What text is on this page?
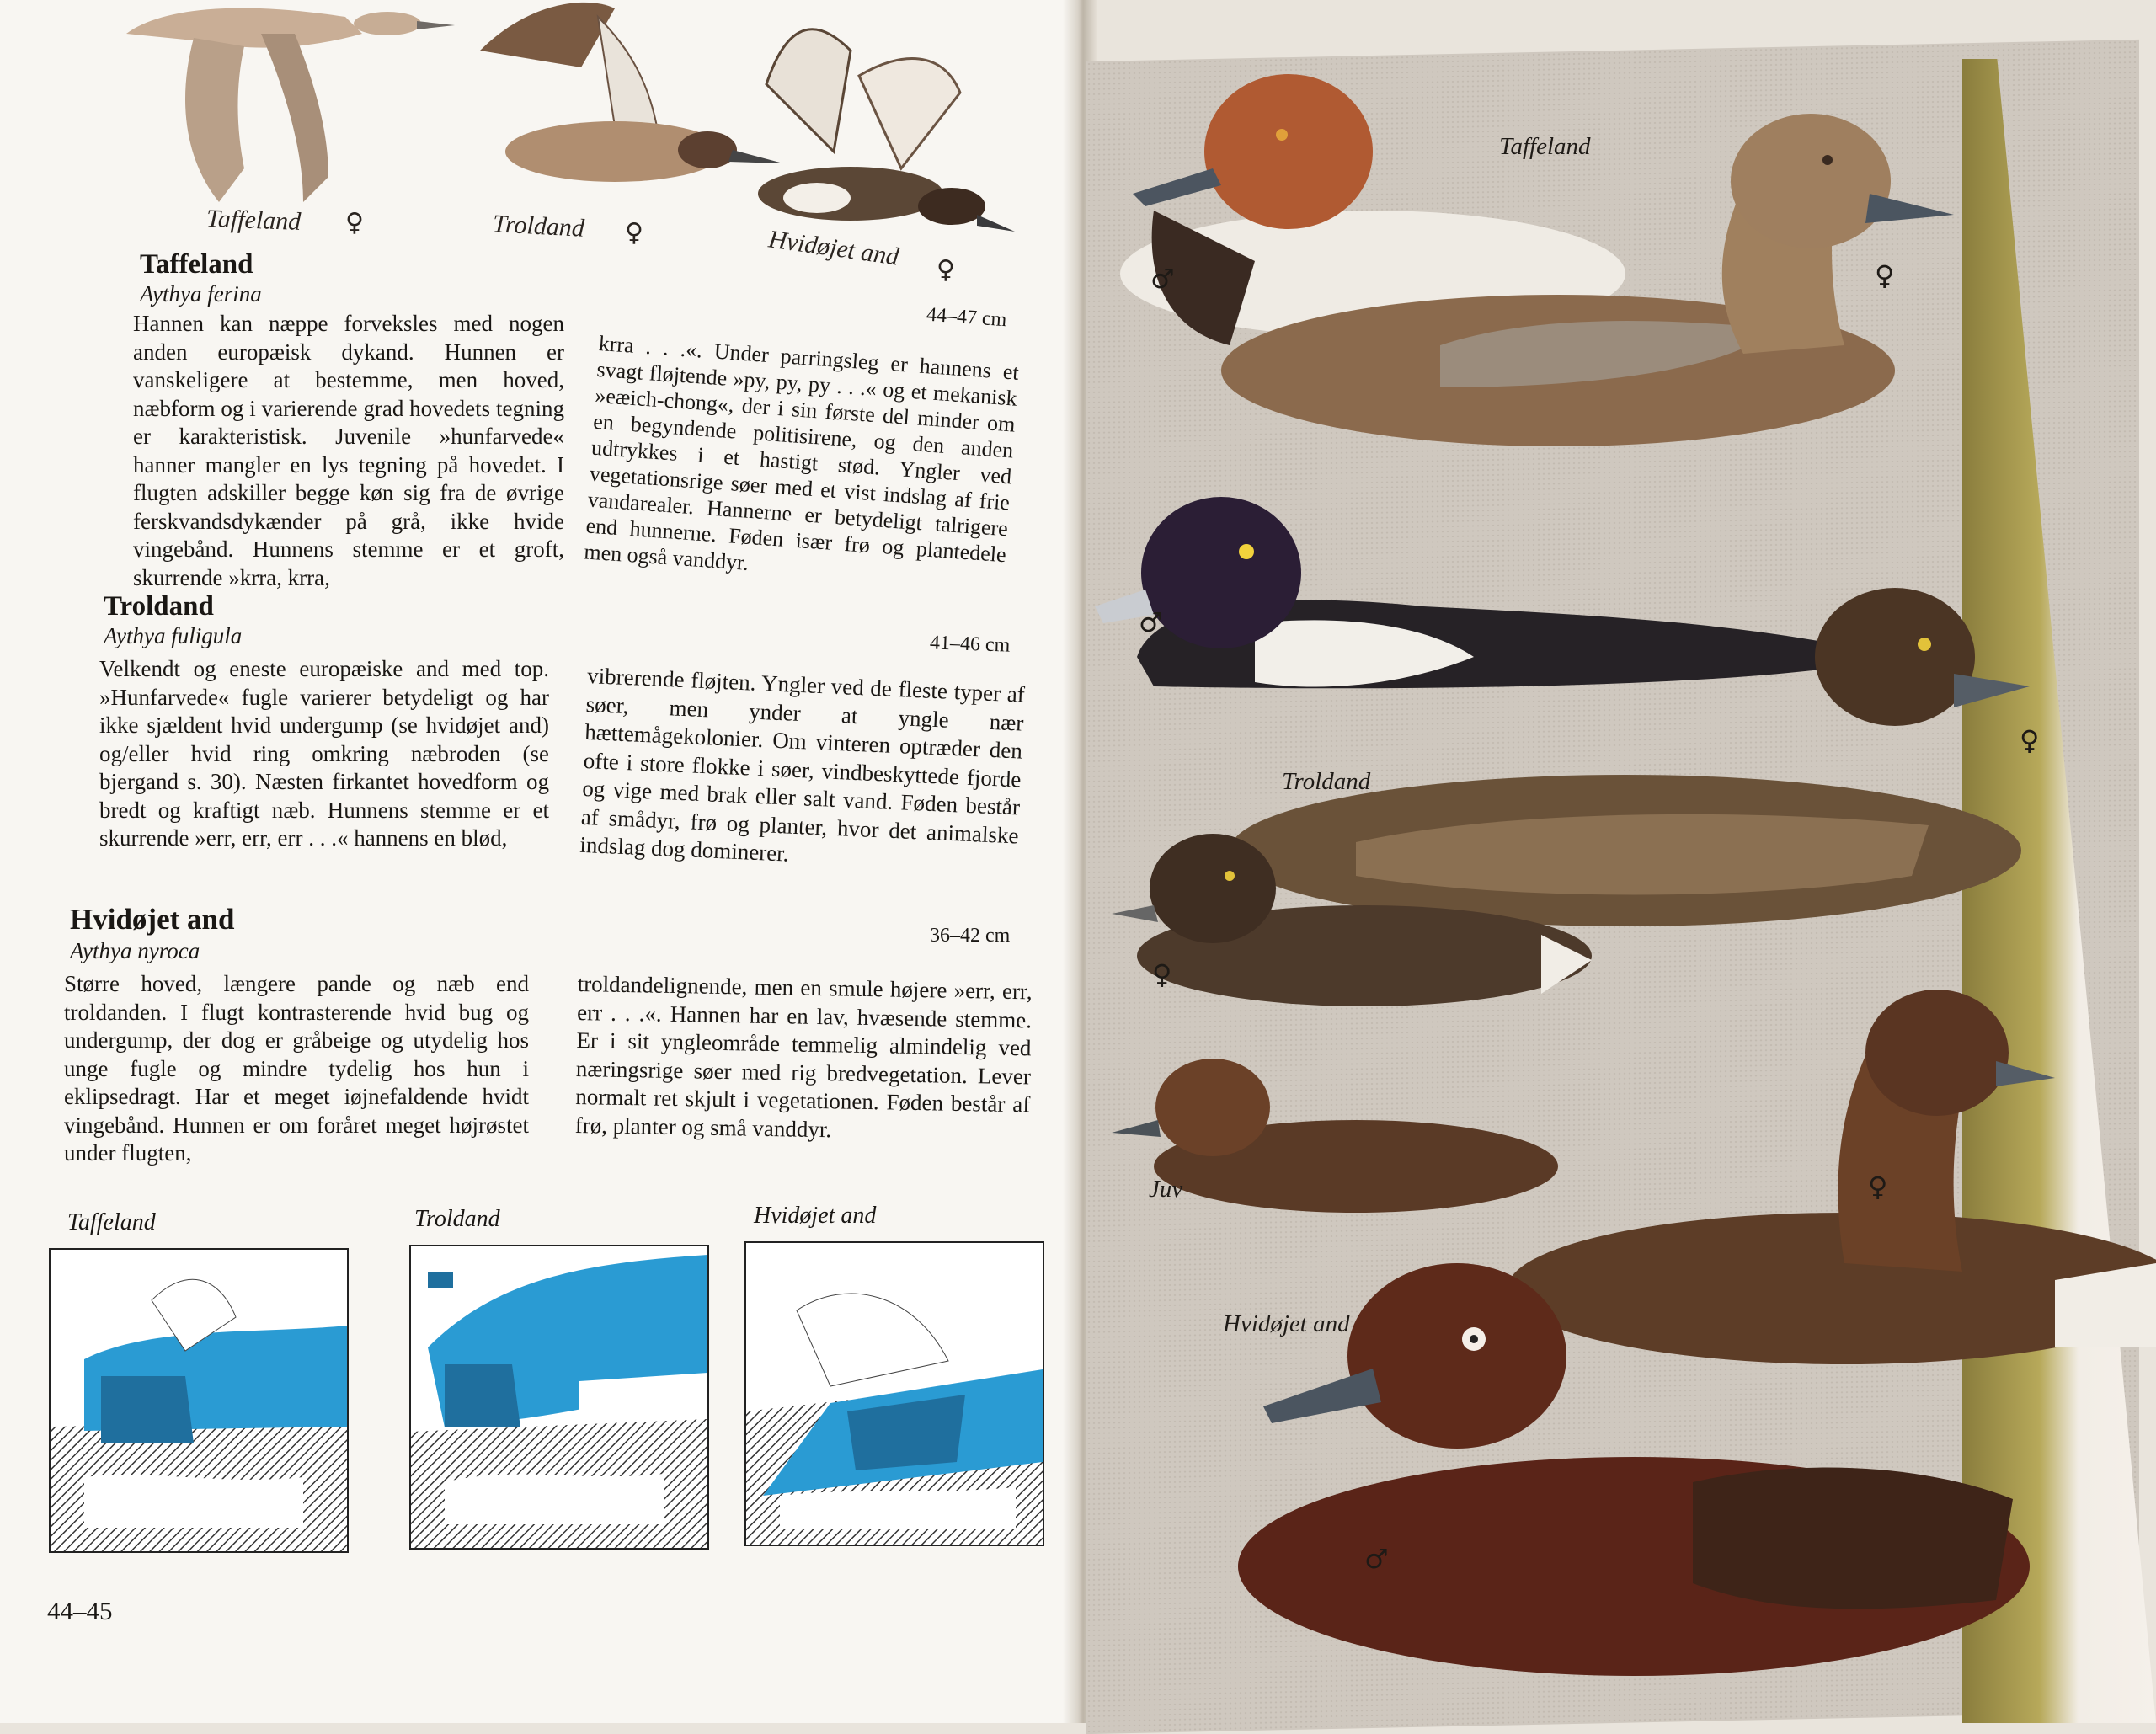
Taffeland ♀	Troldand ♀	Hvidøjet and ♀
Taffeland
Aythya ferina
44–47 cm

Hannen kan næppe forveksles med nogen anden europæisk dykand. Hunnen er vanskeligere at bestemme, men hoved, næbform og i varierende grad hovedets tegning er karakteristisk. Juvenile »hunfarvede« hanner mangler en lys tegning på hovedet. I flugten adskiller begge køn sig fra de øvrige ferskvandsdykænder på grå, ikke hvide vingebånd. Hunnens stemme er et groft, skurrende »krra, krra,

krra . . .«. Under parringsleg er hannens et svagt fløjtende »py, py, py . . .« og et mekanisk »eæich-chong«, der i sin første del minder om en begyndende politisirene, og den anden udtrykkes i et hastigt stød. Yngler ved vegetationsrige søer med et vist indslag af frie vandarealer. Hannerne er betydeligt talrigere end hunnerne. Føden især frø og plantedele men også vanddyr.

Troldand
Aythya fuligula	41–46 cm

Velkendt og eneste europæiske and med top. »Hunfarvede« fugle varierer betydeligt og har ikke sjældent hvid undergump (se hvidøjet and) og/eller hvid ring omkring næbroden (se bjergand s. 30). Næsten firkantet hovedform og bredt og kraftigt næb. Hunnens stemme er et skurrende »err, err, err . . .« hannens en blød,

vibrerende fløjten. Yngler ved de fleste typer af søer, men ynder at yngle nær hættemågekolonier. Om vinteren optræder den ofte i store flokke i søer, vindbeskyttede fjorde og vige med brak eller salt vand. Føden består af smådyr, frø og planter, hvor det animalske indslag dog dominerer.

Hvidøjet and
Aythya nyroca
36–42 cm

Større hoved, længere pande og næb end troldanden. I flugt kontrasterende hvid bug og undergump, der dog er gråbeige og utydelig hos unge fugle og mindre tydelig hos hun i eklipsedragt. Har et meget iøjnefaldende hvidt vingebånd. Hunnen er om foråret meget højrøstet under flugten,

troldandelignende, men en smule højere »err, err, err . . .«. Hannen har en lav, hvæsende stemme. Er i sit yngleområde temmelig almindelig ved næringsrige søer med rig bredvegetation. Lever normalt ret skjult i vegetationen. Føden består af frø, planter og små vanddyr.

Taffeland	Troldand	Hvidøjet and
44–45
Taffeland
♂	♀
♂
♀
Troldand
♀
Juv	♀
Hvidøjet and
♂
